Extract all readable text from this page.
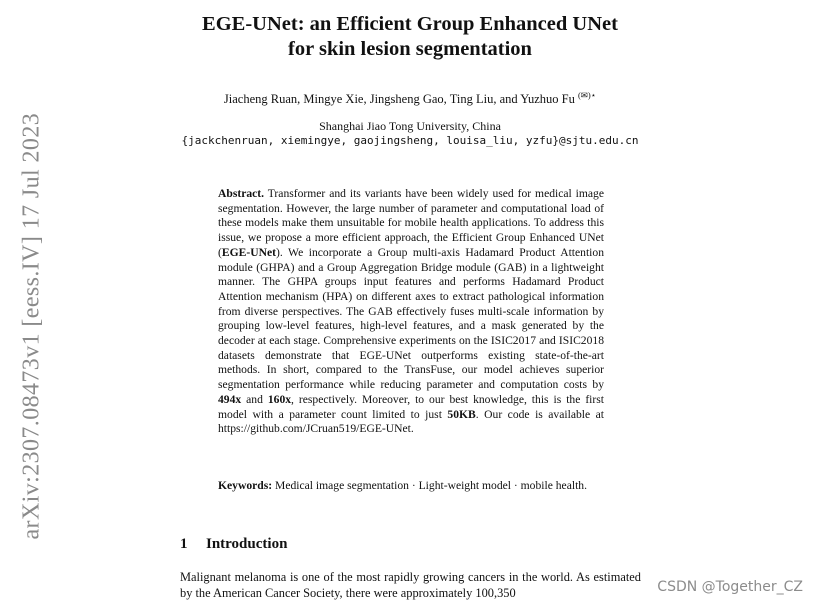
arXiv:2307.08473v1 [eess.IV] 17 Jul 2023
EGE-UNet: an Efficient Group Enhanced UNet
for skin lesion segmentation
Jiacheng Ruan, Mingye Xie, Jingsheng Gao, Ting Liu, and Yuzhuo Fu (✉)⋆
Shanghai Jiao Tong University, China
{jackchenruan, xiemingye, gaojingsheng, louisa_liu, yzfu}@sjtu.edu.cn
Abstract. Transformer and its variants have been widely used for medical image segmentation. However, the large number of parameter and computational load of these models make them unsuitable for mobile health applications. To address this issue, we propose a more efficient approach, the Efficient Group Enhanced UNet (EGE-UNet). We incorporate a Group multi-axis Hadamard Product Attention module (GHPA) and a Group Aggregation Bridge module (GAB) in a lightweight manner. The GHPA groups input features and performs Hadamard Product Attention mechanism (HPA) on different axes to extract pathological information from diverse perspectives. The GAB effectively fuses multi-scale information by grouping low-level features, high-level features, and a mask generated by the decoder at each stage. Comprehensive experiments on the ISIC2017 and ISIC2018 datasets demonstrate that EGE-UNet outperforms existing state-of-the-art methods. In short, compared to the TransFuse, our model achieves superior segmentation performance while reducing parameter and computation costs by 494x and 160x, respectively. Moreover, to our best knowledge, this is the first model with a parameter count limited to just 50KB. Our code is available at https://github.com/JCruan519/EGE-UNet.
Keywords: Medical image segmentation · Light-weight model · mobile health.
1 Introduction
Malignant melanoma is one of the most rapidly growing cancers in the world. As estimated by the American Cancer Society, there were approximately 100,350	CSDN @Together_CZ
